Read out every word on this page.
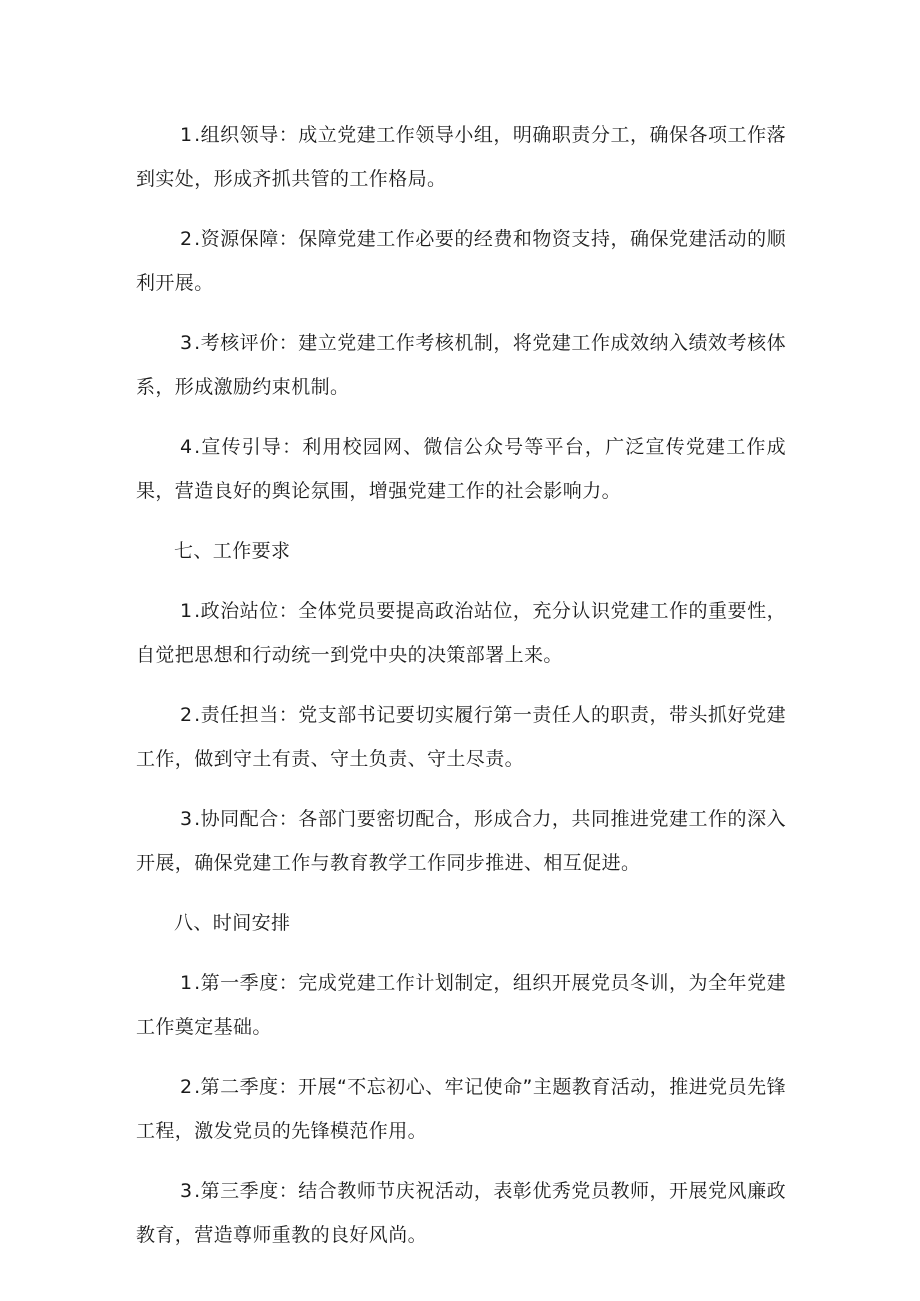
1.组织领导：成立党建工作领导小组，明确职责分工，确保各项工作落到实处，形成齐抓共管的工作格局。

2.资源保障：保障党建工作必要的经费和物资支持，确保党建活动的顺利开展。

3.考核评价：建立党建工作考核机制，将党建工作成效纳入绩效考核体系，形成激励约束机制。

4.宣传引导：利用校园网、微信公众号等平台，广泛宣传党建工作成果，营造良好的舆论氛围，增强党建工作的社会影响力。

七、工作要求

1.政治站位：全体党员要提高政治站位，充分认识党建工作的重要性，自觉把思想和行动统一到党中央的决策部署上来。

2.责任担当：党支部书记要切实履行第一责任人的职责，带头抓好党建工作，做到守土有责、守土负责、守土尽责。

3.协同配合：各部门要密切配合，形成合力，共同推进党建工作的深入开展，确保党建工作与教育教学工作同步推进、相互促进。

八、时间安排

1.第一季度：完成党建工作计划制定，组织开展党员冬训，为全年党建工作奠定基础。

2.第二季度：开展“不忘初心、牢记使命”主题教育活动，推进党员先锋工程，激发党员的先锋模范作用。

3.第三季度：结合教师节庆祝活动，表彰优秀党员教师，开展党风廉政教育，营造尊师重教的良好风尚。
